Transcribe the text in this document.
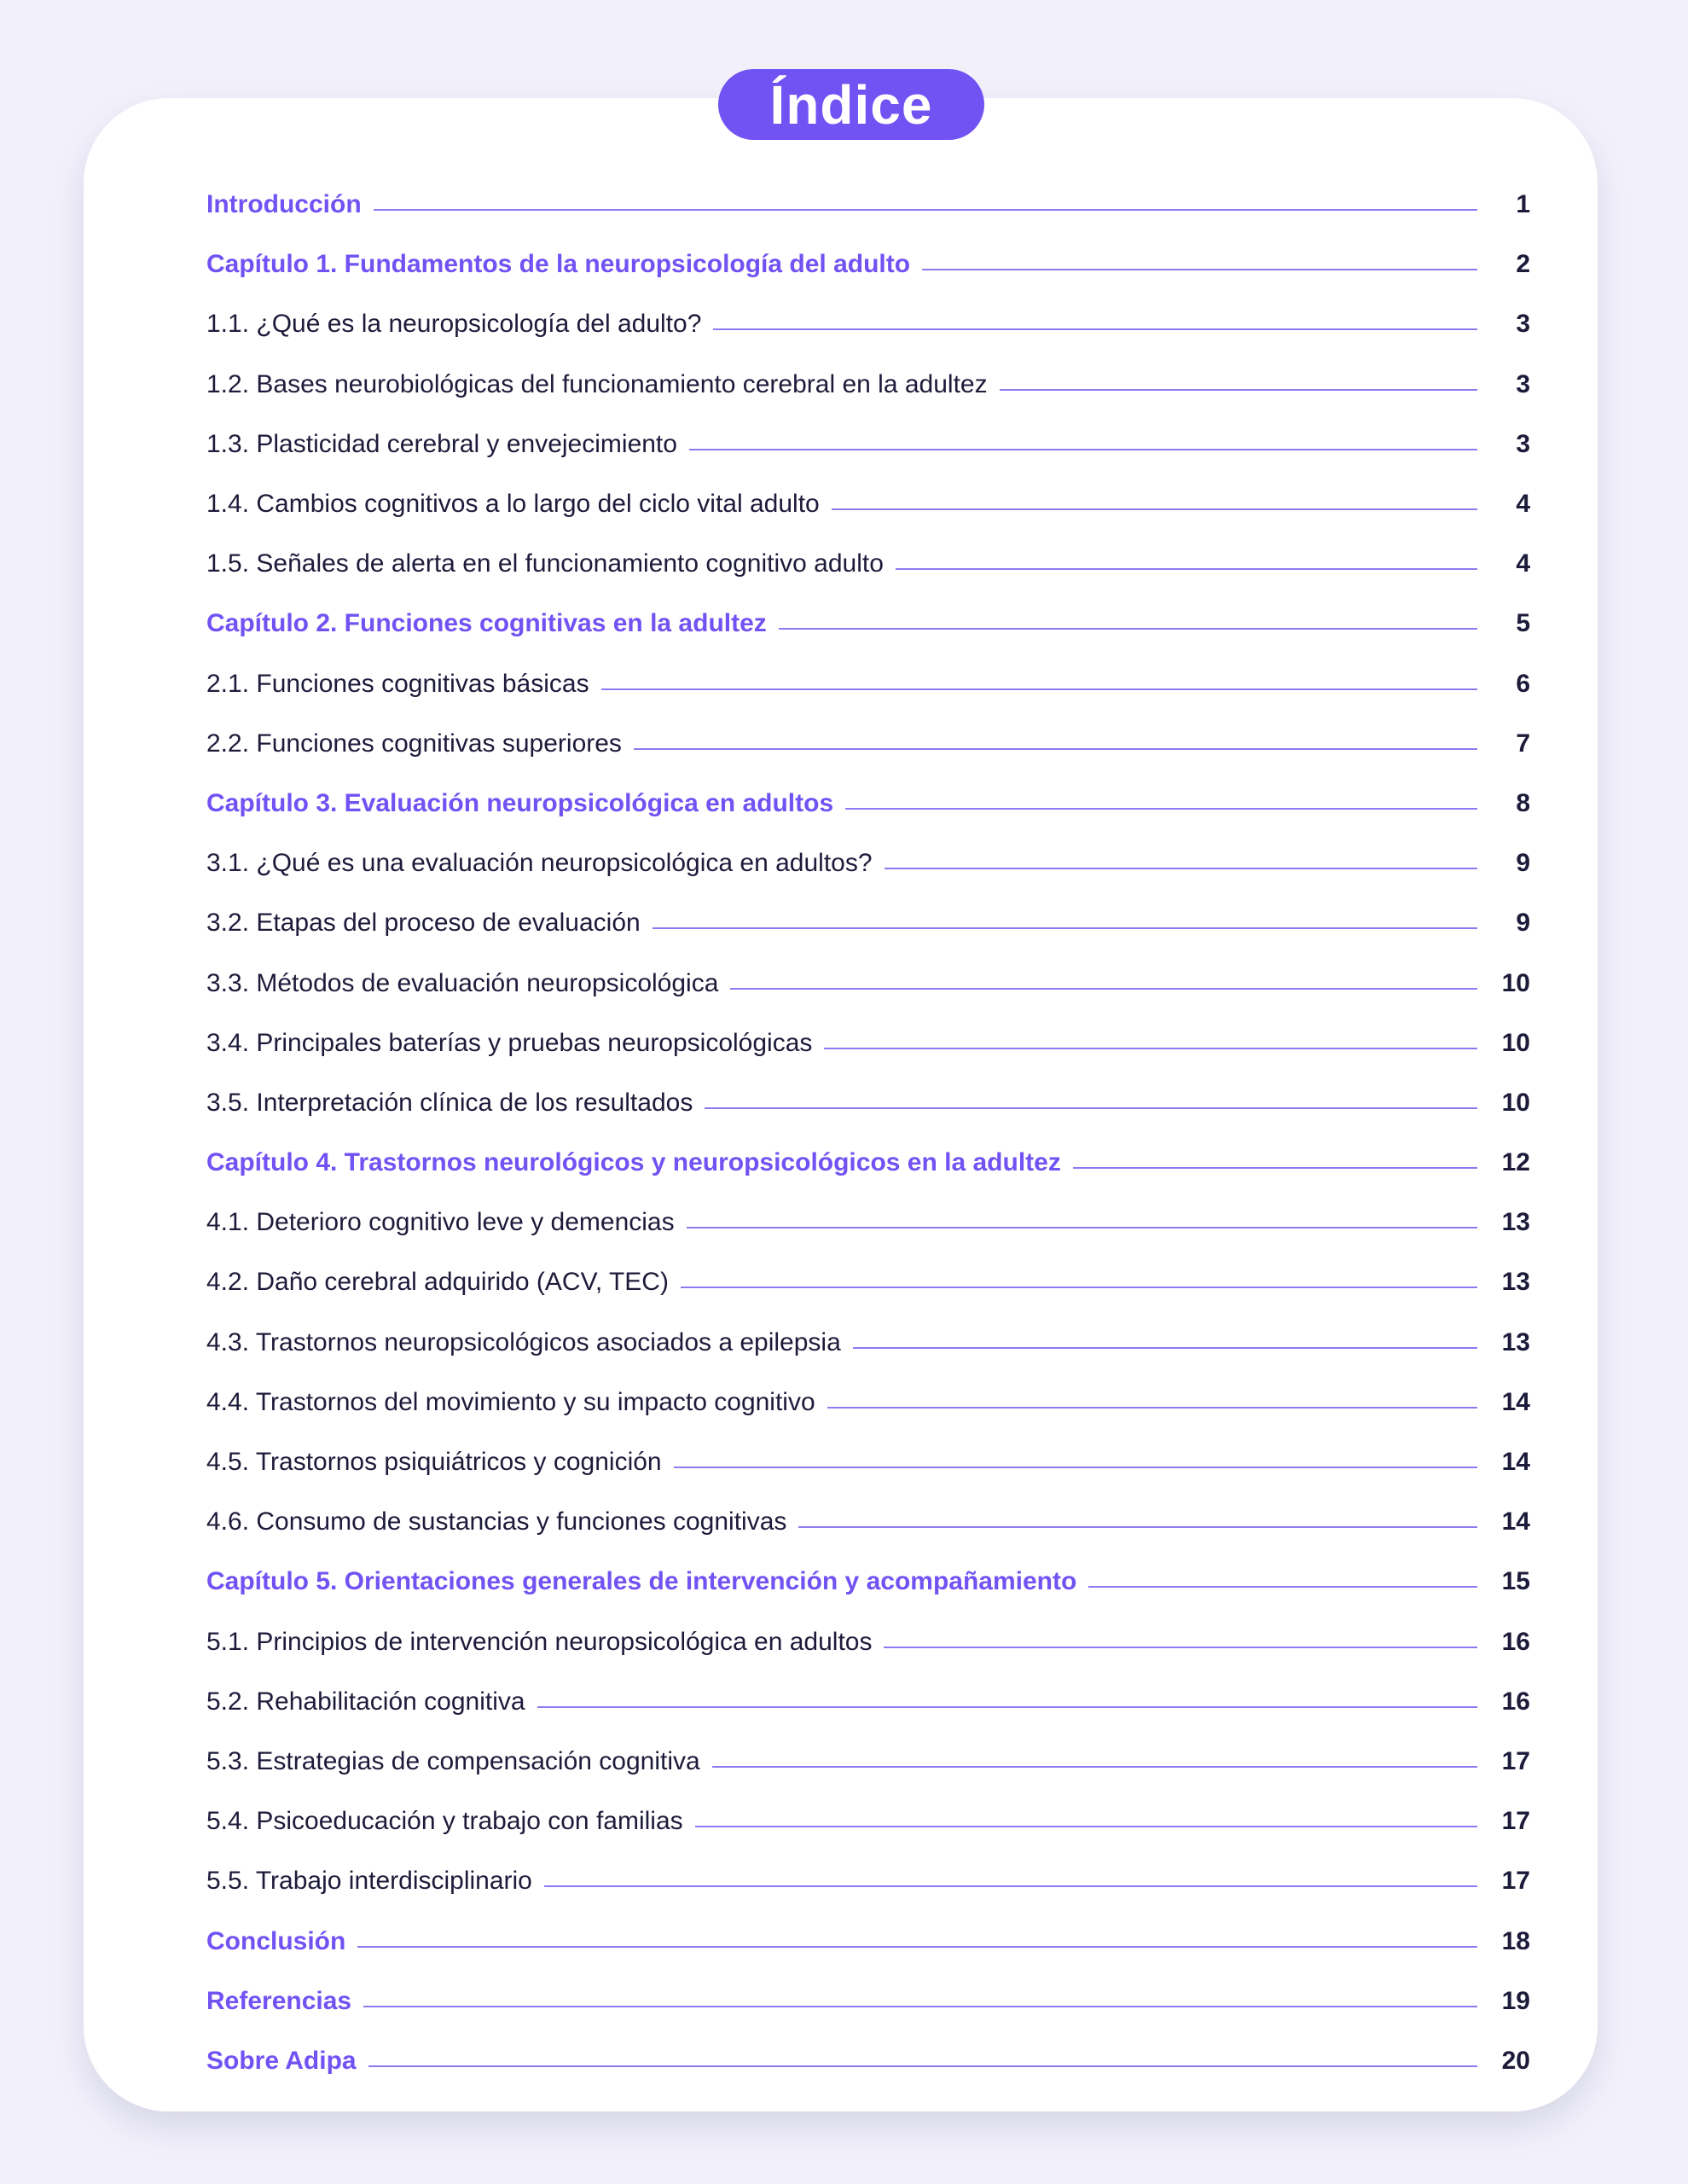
Índice
Introducción	1
Capítulo 1. Fundamentos de la neuropsicología del adulto	2
1.1. ¿Qué es la neuropsicología del adulto?	3
1.2. Bases neurobiológicas del funcionamiento cerebral en la adultez	3
1.3. Plasticidad cerebral y envejecimiento	3
1.4. Cambios cognitivos a lo largo del ciclo vital adulto	4
1.5. Señales de alerta en el funcionamiento cognitivo adulto	4
Capítulo 2. Funciones cognitivas en la adultez	5
2.1. Funciones cognitivas básicas	6
2.2. Funciones cognitivas superiores	7
Capítulo 3. Evaluación neuropsicológica en adultos	8
3.1. ¿Qué es una evaluación neuropsicológica en adultos?	9
3.2. Etapas del proceso de evaluación	9
3.3. Métodos de evaluación neuropsicológica	10
3.4. Principales baterías y pruebas neuropsicológicas	10
3.5. Interpretación clínica de los resultados	10
Capítulo 4. Trastornos neurológicos y neuropsicológicos en la adultez	12
4.1. Deterioro cognitivo leve y demencias	13
4.2. Daño cerebral adquirido (ACV, TEC)	13
4.3. Trastornos neuropsicológicos asociados a epilepsia	13
4.4. Trastornos del movimiento y su impacto cognitivo	14
4.5. Trastornos psiquiátricos y cognición	14
4.6. Consumo de sustancias y funciones cognitivas	14
Capítulo 5. Orientaciones generales de intervención y acompañamiento	15
5.1. Principios de intervención neuropsicológica en adultos	16
5.2. Rehabilitación cognitiva	16
5.3. Estrategias de compensación cognitiva	17
5.4. Psicoeducación y trabajo con familias	17
5.5. Trabajo interdisciplinario	17
Conclusión	18
Referencias	19
Sobre Adipa	20
